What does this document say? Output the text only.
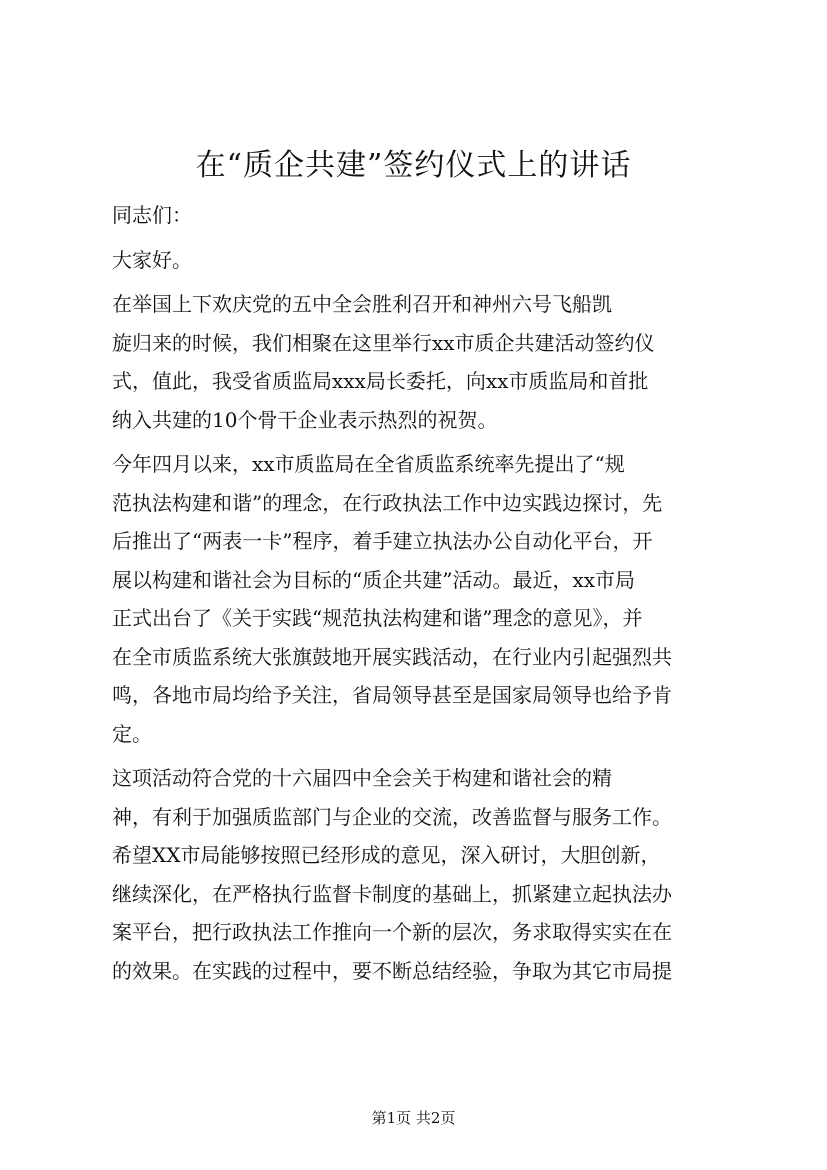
在“质企共建”签约仪式上的讲话

同志们：

大家好。

在举国上下欢庆党的五中全会胜利召开和神州六号飞船凯

旋归来的时候，我们相聚在这里举行xx市质企共建活动签约仪

式，值此，我受省质监局xxx局长委托，向xx市质监局和首批

纳入共建的10个骨干企业表示热烈的祝贺。

今年四月以来，xx市质监局在全省质监系统率先提出了“规

范执法构建和谐”的理念，在行政执法工作中边实践边探讨，先

后推出了“两表一卡”程序，着手建立执法办公自动化平台，开

展以构建和谐社会为目标的“质企共建”活动。最近，xx市局

正式出台了《关于实践“规范执法构建和谐”理念的意见》，并

在全市质监系统大张旗鼓地开展实践活动，在行业内引起强烈共

鸣，各地市局均给予关注，省局领导甚至是国家局领导也给予肯

定。

这项活动符合党的十六届四中全会关于构建和谐社会的精

神，有利于加强质监部门与企业的交流，改善监督与服务工作。

希望XX市局能够按照已经形成的意见，深入研讨，大胆创新，

继续深化，在严格执行监督卡制度的基础上，抓紧建立起执法办

案平台，把行政执法工作推向一个新的层次，务求取得实实在在

的效果。在实践的过程中，要不断总结经验，争取为其它市局提

第1页 共2页
